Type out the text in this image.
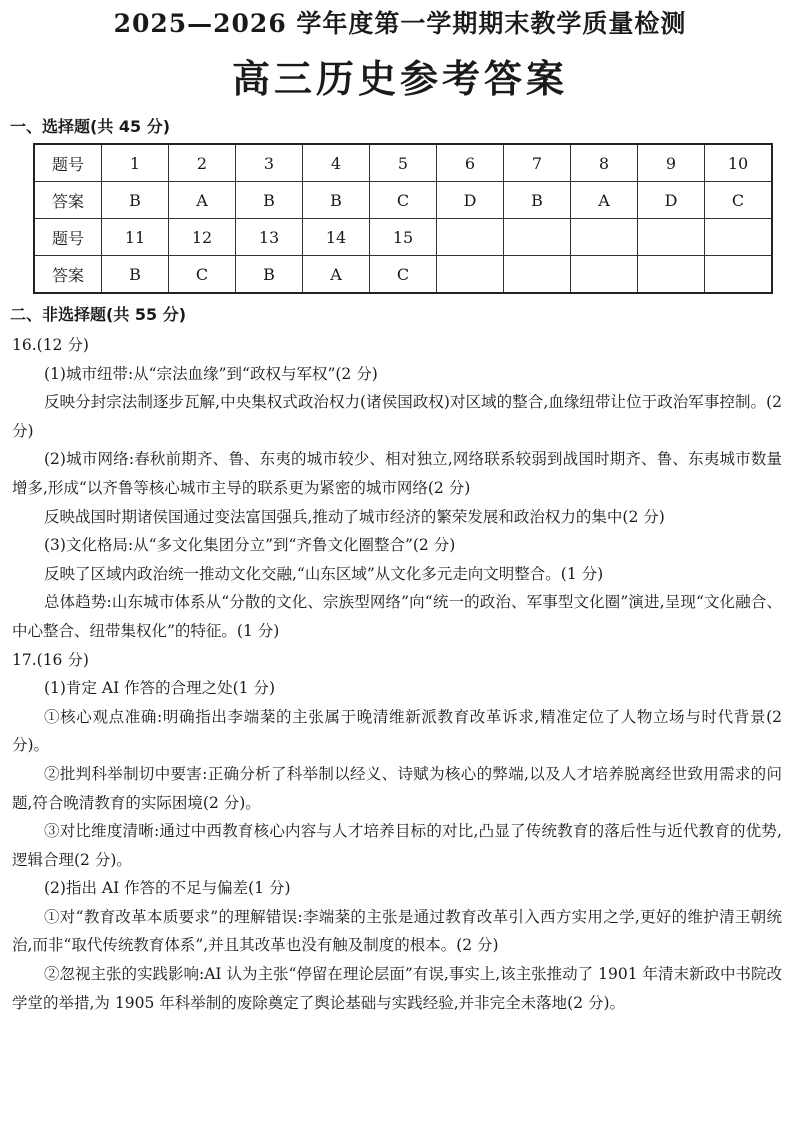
2025—2026 学年度第一学期期末教学质量检测
高三历史参考答案
一、选择题(共 45 分)
题号	1	2	3	4	5	6	7	8	9	10
答案	B	A	B	B	C	D	B	A	D	C
题号	11	12	13	14	15					
答案	B	C	B	A	C					
二、非选择题(共 55 分)

16.(12 分)

(1)城市纽带:从“宗法血缘”到“政权与军权”(2 分)

反映分封宗法制逐步瓦解,中央集权式政治权力(诸侯国政权)对区域的整合,血缘纽带让位于政治军事控制。(2 分)

(2)城市网络:春秋前期齐、鲁、东夷的城市较少、相对独立,网络联系较弱到战国时期齐、鲁、东夷城市数量增多,形成“以齐鲁等核心城市主导的联系更为紧密的城市网络(2 分)

反映战国时期诸侯国通过变法富国强兵,推动了城市经济的繁荣发展和政治权力的集中(2 分)

(3)文化格局:从“多文化集团分立”到“齐鲁文化圈整合”(2 分)

反映了区域内政治统一推动文化交融,“山东区域”从文化多元走向文明整合。(1 分)

总体趋势:山东城市体系从“分散的文化、宗族型网络”向“统一的政治、军事型文化圈”演进,呈现“文化融合、中心整合、纽带集权化”的特征。(1 分)

17.(16 分)

(1)肯定 AI 作答的合理之处(1 分)

①核心观点准确:明确指出李端棻的主张属于晚清维新派教育改革诉求,精准定位了人物立场与时代背景(2 分)。

②批判科举制切中要害:正确分析了科举制以经义、诗赋为核心的弊端,以及人才培养脱离经世致用需求的问题,符合晚清教育的实际困境(2 分)。

③对比维度清晰:通过中西教育核心内容与人才培养目标的对比,凸显了传统教育的落后性与近代教育的优势,逻辑合理(2 分)。

(2)指出 AI 作答的不足与偏差(1 分)

①对“教育改革本质要求”的理解错误:李端棻的主张是通过教育改革引入西方实用之学,更好的维护清王朝统治,而非“取代传统教育体系”,并且其改革也没有触及制度的根本。(2 分)

②忽视主张的实践影响:AI 认为主张“停留在理论层面”有误,事实上,该主张推动了 1901 年清末新政中书院改学堂的举措,为 1905 年科举制的废除奠定了舆论基础与实践经验,并非完全未落地(2 分)。
